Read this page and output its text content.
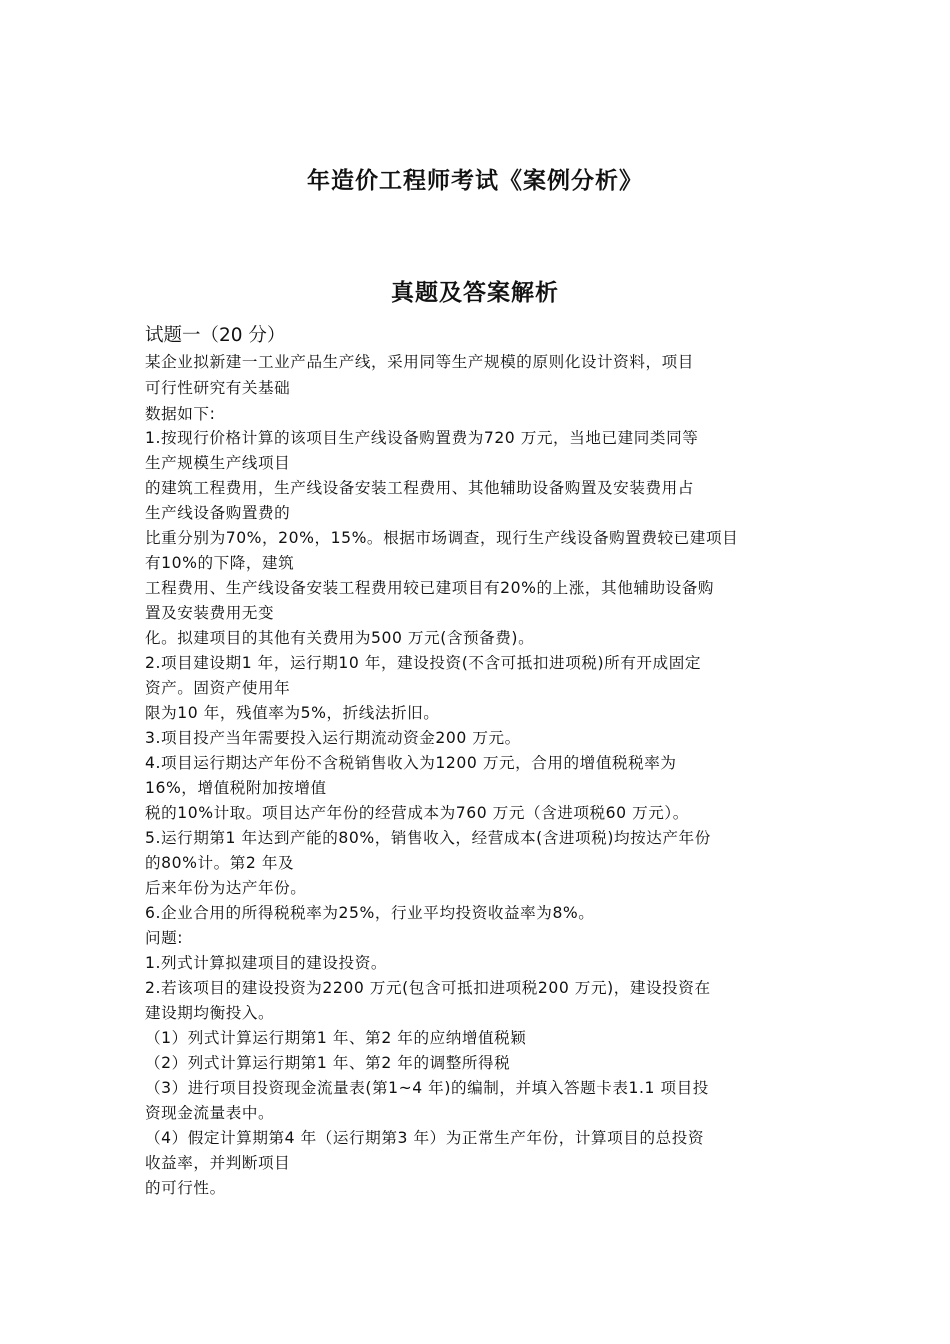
年造价工程师考试《案例分析》
真题及答案解析
试题一（20 分）
某企业拟新建一工业产品生产线，采用同等生产规模的原则化设计资料，项目
可行性研究有关基础
数据如下:
1.按现行价格计算的该项目生产线设备购置费为720 万元，当地已建同类同等
生产规模生产线项目
的建筑工程费用，生产线设备安装工程费用、其他辅助设备购置及安装费用占
生产线设备购置费的
比重分别为70%，20%，15%。根据市场调查，现行生产线设备购置费较已建项目
有10%的下降，建筑
工程费用、生产线设备安装工程费用较已建项目有20%的上涨，其他辅助设备购
置及安装费用无变
化。拟建项目的其他有关费用为500 万元(含预备费)。
2.项目建设期1 年，运行期10 年，建设投资(不含可抵扣进项税)所有开成固定
资产。固资产使用年
限为10 年，残值率为5%，折线法折旧。
3.项目投产当年需要投入运行期流动资金200 万元。
4.项目运行期达产年份不含税销售收入为1200 万元，合用的增值税税率为
16%，增值税附加按增值
税的10%计取。项目达产年份的经营成本为760 万元（含进项税60 万元）。
5.运行期第1 年达到产能的80%，销售收入，经营成本(含进项税)均按达产年份
的80%计。第2 年及
后来年份为达产年份。
6.企业合用的所得税税率为25%，行业平均投资收益率为8%。
问题:
1.列式计算拟建项目的建设投资。
2.若该项目的建设投资为2200 万元(包含可抵扣进项税200 万元)，建设投资在
建设期均衡投入。
（1）列式计算运行期第1 年、第2 年的应纳增值税颖
（2）列式计算运行期第1 年、第2 年的调整所得税
（3）进行项目投资现金流量表(第1~4 年)的编制，并填入答题卡表1.1 项目投
资现金流量表中。
（4）假定计算期第4 年（运行期第3 年）为正常生产年份，计算项目的总投资
收益率，并判断项目
的可行性。
